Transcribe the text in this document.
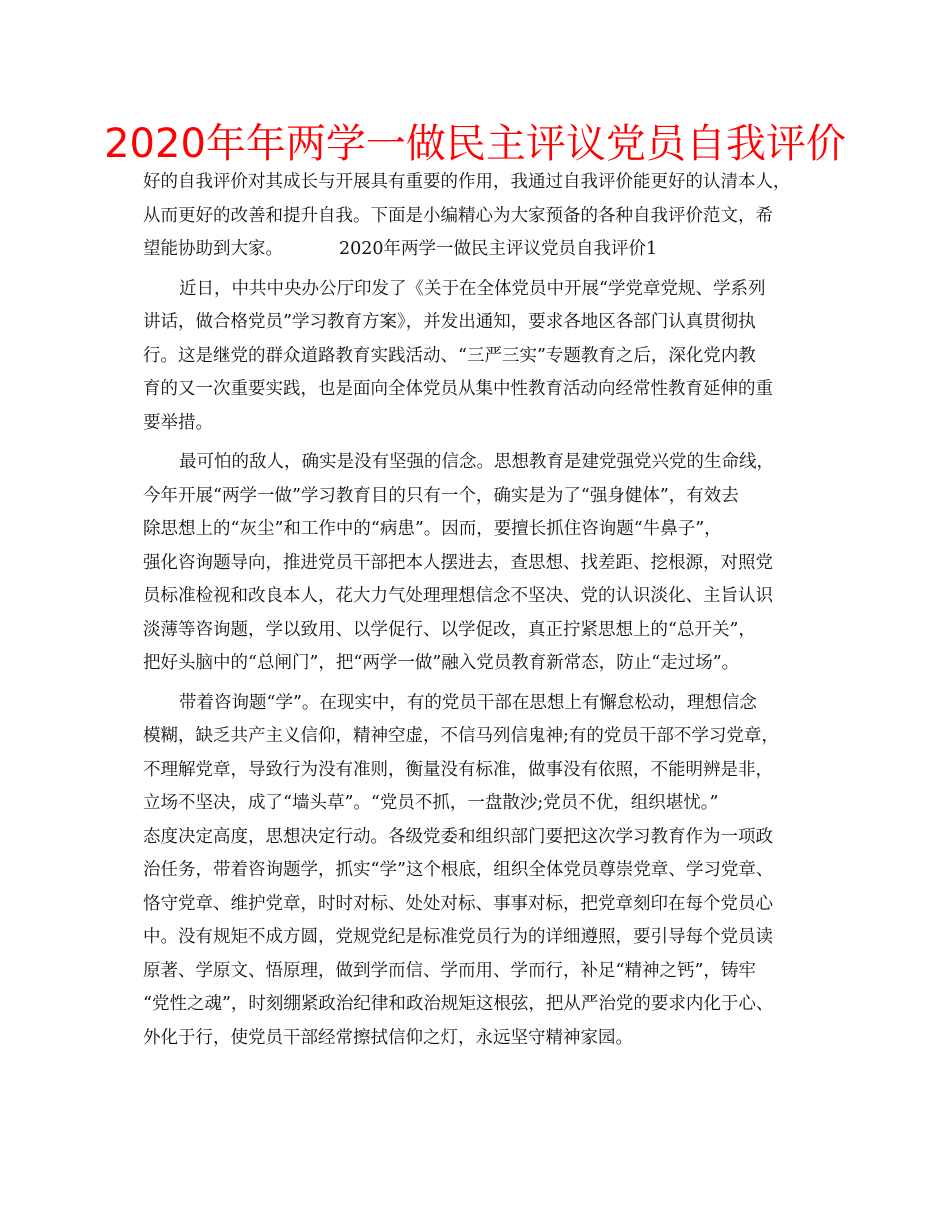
2020年年两学一做民主评议党员自我评价
好的自我评价对其成长与开展具有重要的作用，我通过自我评价能更好的认清本人，
从而更好的改善和提升自我。下面是小编精心为大家预备的各种自我评价范文，希
望能协助到大家。	2020年两学一做民主评议党员自我评价1
近日，中共中央办公厅印发了《关于在全体党员中开展“学党章党规、学系列
讲话，做合格党员”学习教育方案》，并发出通知，要求各地区各部门认真贯彻执
行。这是继党的群众道路教育实践活动、“三严三实”专题教育之后，深化党内教
育的又一次重要实践，也是面向全体党员从集中性教育活动向经常性教育延伸的重
要举措。
最可怕的敌人，确实是没有坚强的信念。思想教育是建党强党兴党的生命线，
今年开展“两学一做”学习教育目的只有一个，确实是为了“强身健体”，有效去
除思想上的“灰尘”和工作中的“病患”。因而，要擅长抓住咨询题“牛鼻子”，
强化咨询题导向，推进党员干部把本人摆进去，查思想、找差距、挖根源，对照党
员标准检视和改良本人，花大力气处理理想信念不坚决、党的认识淡化、主旨认识
淡薄等咨询题，学以致用、以学促行、以学促改，真正拧紧思想上的“总开关”，
把好头脑中的“总闸门”，把“两学一做”融入党员教育新常态，防止“走过场”。
带着咨询题“学”。在现实中，有的党员干部在思想上有懈怠松动，理想信念
模糊，缺乏共产主义信仰，精神空虚，不信马列信鬼神;有的党员干部不学习党章，
不理解党章，导致行为没有准则，衡量没有标准，做事没有依照，不能明辨是非，
立场不坚决，成了“墙头草”。“党员不抓，一盘散沙;党员不优，组织堪忧。”
态度决定高度，思想决定行动。各级党委和组织部门要把这次学习教育作为一项政
治任务，带着咨询题学，抓实“学”这个根底，组织全体党员尊崇党章、学习党章、
恪守党章、维护党章，时时对标、处处对标、事事对标，把党章刻印在每个党员心
中。没有规矩不成方圆，党规党纪是标准党员行为的详细遵照，要引导每个党员读
原著、学原文、悟原理，做到学而信、学而用、学而行，补足“精神之钙”，铸牢
“党性之魂”，时刻绷紧政治纪律和政治规矩这根弦，把从严治党的要求内化于心、
外化于行，使党员干部经常擦拭信仰之灯，永远坚守精神家园。
